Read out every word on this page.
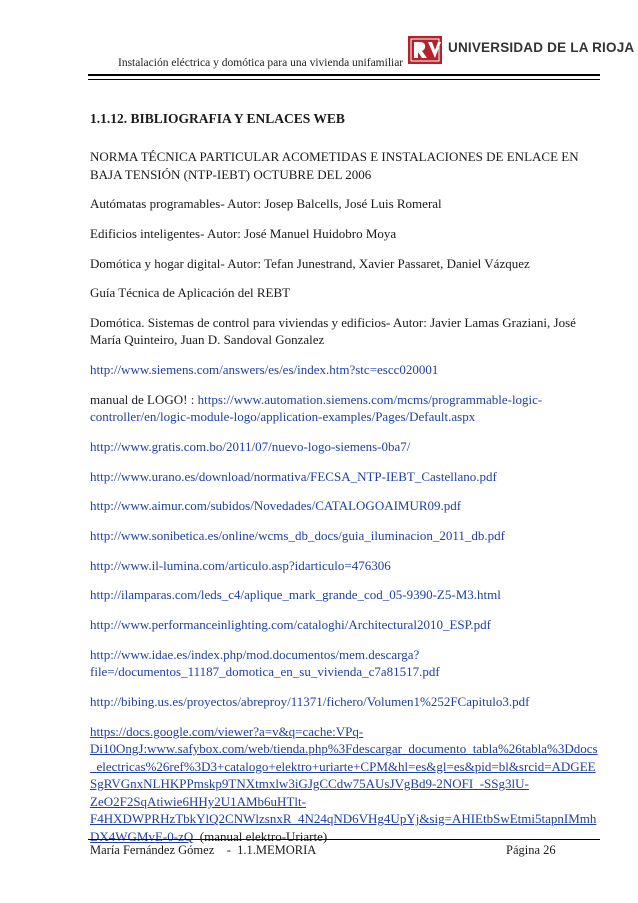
Instalación eléctrica y domótica para una vivienda unifamiliar
UNIVERSIDAD DE LA RIOJA
1.1.12. BIBLIOGRAFIA Y ENLACES WEB
NORMA TÉCNICA PARTICULAR ACOMETIDAS E INSTALACIONES DE ENLACE EN BAJA TENSIÓN (NTP-IEBT) OCTUBRE DEL 2006
Autómatas programables- Autor: Josep Balcells, José Luis Romeral
Edificios inteligentes- Autor: José Manuel Huidobro Moya
Domótica y hogar digital- Autor: Tefan Junestrand, Xavier Passaret, Daniel Vázquez
Guía Técnica de Aplicación del REBT
Domótica. Sistemas de control para viviendas y edificios- Autor: Javier Lamas Graziani, José María Quinteiro, Juan D. Sandoval Gonzalez
http://www.siemens.com/answers/es/es/index.htm?stc=escc020001
manual de LOGO! : https://www.automation.siemens.com/mcms/programmable-logic-controller/en/logic-module-logo/application-examples/Pages/Default.aspx
http://www.gratis.com.bo/2011/07/nuevo-logo-siemens-0ba7/
http://www.urano.es/download/normativa/FECSA_NTP-IEBT_Castellano.pdf
http://www.aimur.com/subidos/Novedades/CATALOGOAIMUR09.pdf
http://www.sonibetica.es/online/wcms_db_docs/guia_iluminacion_2011_db.pdf
http://www.il-lumina.com/articulo.asp?idarticulo=476306
http://ilamparas.com/leds_c4/aplique_mark_grande_cod_05-9390-Z5-M3.html
http://www.performanceinlighting.com/cataloghi/Architectural2010_ESP.pdf
http://www.idae.es/index.php/mod.documentos/mem.descarga?file=/documentos_11187_domotica_en_su_vivienda_c7a81517.pdf
http://bibing.us.es/proyectos/abreproy/11371/fichero/Volumen1%252FCapitulo3.pdf
https://docs.google.com/viewer?a=v&q=cache:VPq-Di10OngJ:www.safybox.com/web/tienda.php%3Fdescargar_documento_tabla%26tabla%3Ddocs_electricas%26ref%3D3+catalogo+elektro+uriarte+CPM&hl=es&gl=es&pid=bl&srcid=ADGEESgRVGnxNLHKPPmskp9TNXtmxlw3iGJgCCdw75AUsJVgBd9-2NOFI_-SSg3lU-ZeO2F2SqAtiwie6HHy2U1AMb6uHTlt-F4HXDWPRHzTbkYlQ2CNWlzsnxR_4N24qND6VHg4UpYj&sig=AHIEtbSwEtmi5tapnIMmhDX4WGMvE-0-zQ  (manual elektro-Uriarte)
María Fernández Gómez    -  1.1.MEMORIA	Página 26
